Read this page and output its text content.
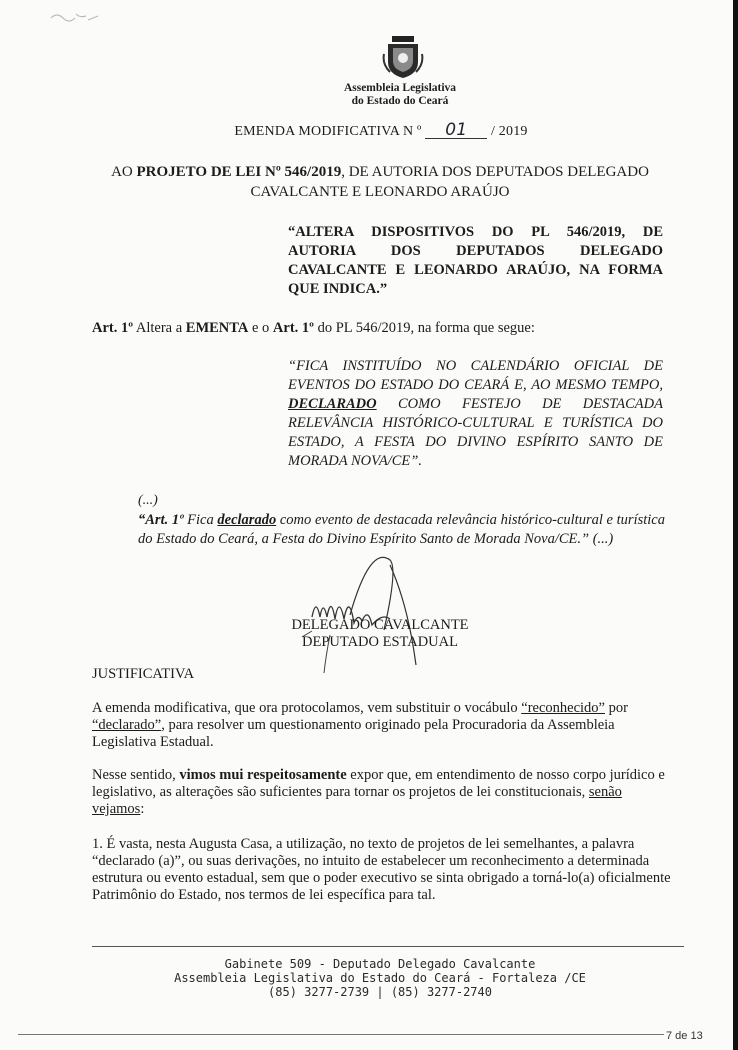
Assembleia Legislativa
do Estado do Ceará
EMENDA MODIFICATIVA N º 01 / 2019
AO PROJETO DE LEI Nº 546/2019, DE AUTORIA DOS DEPUTADOS DELEGADO CAVALCANTE E LEONARDO ARAÚJO
“ALTERA DISPOSITIVOS DO PL 546/2019, DE AUTORIA DOS DEPUTADOS DELEGADO CAVALCANTE E LEONARDO ARAÚJO, NA FORMA QUE INDICA.”
Art. 1º Altera a EMENTA e o Art. 1º do PL 546/2019, na forma que segue:
“FICA INSTITUÍDO NO CALENDÁRIO OFICIAL DE EVENTOS DO ESTADO DO CEARÁ E, AO MESMO TEMPO, DECLARADO COMO FESTEJO DE DESTACADA RELEVÂNCIA HISTÓRICO-CULTURAL E TURÍSTICA DO ESTADO, A FESTA DO DIVINO ESPÍRITO SANTO DE MORADA NOVA/CE”.
(...)
“Art. 1º Fica declarado como evento de destacada relevância histórico-cultural e turística do Estado do Ceará, a Festa do Divino Espírito Santo de Morada Nova/CE.” (...)
DELEGADO CAVALCANTE
DEPUTADO ESTADUAL
JUSTIFICATIVA
A emenda modificativa, que ora protocolamos, vem substituir o vocábulo “reconhecido” por “declarado”, para resolver um questionamento originado pela Procuradoria da Assembleia Legislativa Estadual.
Nesse sentido, vimos mui respeitosamente expor que, em entendimento de nosso corpo jurídico e legislativo, as alterações são suficientes para tornar os projetos de lei constitucionais, senão vejamos:
1. É vasta, nesta Augusta Casa, a utilização, no texto de projetos de lei semelhantes, a palavra “declarado (a)”, ou suas derivações, no intuito de estabelecer um reconhecimento a determinada estrutura ou evento estadual, sem que o poder executivo se sinta obrigado a torná-lo(a) oficialmente Patrimônio do Estado, nos termos de lei específica para tal.
Gabinete 509 - Deputado Delegado Cavalcante
Assembleia Legislativa do Estado do Ceará - Fortaleza /CE
(85) 3277-2739 | (85) 3277-2740
7 de 13
